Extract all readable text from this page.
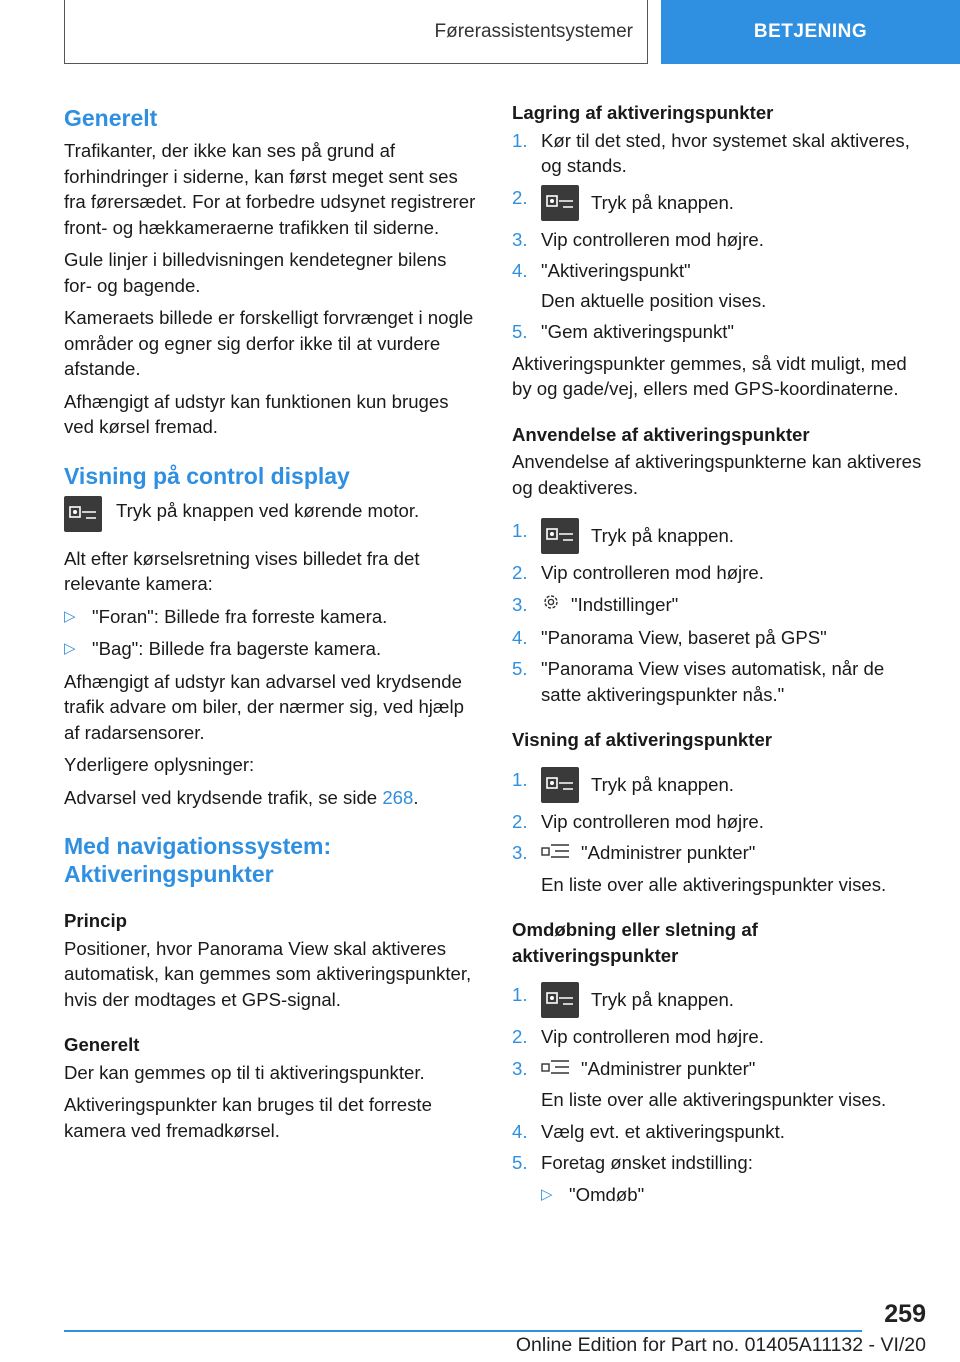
Førerassistentsystemer	BETJENING
Generelt

Trafikanter, der ikke kan ses på grund af forhindringer i siderne, kan først meget sent ses fra førersædet. For at forbedre udsynet registrerer front- og hækkameraerne trafikken til siderne.

Gule linjer i billedvisningen kendetegner bilens for- og bagende.

Kameraets billede er forskelligt forvrænget i nogle områder og egner sig derfor ikke til at vurdere afstande.

Afhængigt af udstyr kan funktionen kun bruges ved kørsel fremad.

Visning på control display
Tryk på knappen ved kørende motor.

Alt efter kørselsretning vises billedet fra det relevante kamera:

▷ "Foran": Billede fra forreste kamera.
▷ "Bag": Billede fra bagerste kamera.

Afhængigt af udstyr kan advarsel ved krydsende trafik advare om biler, der nærmer sig, ved hjælp af radarsensorer.

Yderligere oplysninger:

Advarsel ved krydsende trafik, se side 268.

Med navigationssystem: Aktiveringspunkter
Princip

Positioner, hvor Panorama View skal aktiveres automatisk, kan gemmes som aktiveringspunkter, hvis der modtages et GPS-signal.

Generelt

Der kan gemmes op til ti aktiveringspunkter.

Aktiveringspunkter kan bruges til det forreste kamera ved fremadkørsel.

Lagring af aktiveringspunkter
1. Kør til det sted, hvor systemet skal aktiveres, og stands.
2.	Tryk på knappen.
3. Vip controlleren mod højre.
4. "Aktiveringspunkt"
Den aktuelle position vises.
5. "Gem aktiveringspunkt"

Aktiveringspunkter gemmes, så vidt muligt, med by og gade/vej, ellers med GPS-koordinaterne.

Anvendelse af aktiveringspunkter

Anvendelse af aktiveringspunkterne kan aktiveres og deaktiveres.

1.	Tryk på knappen.
2. Vip controlleren mod højre.
3.	"Indstillinger"
4. "Panorama View, baseret på GPS"
5. "Panorama View vises automatisk, når de satte aktiveringspunkter nås."
Visning af aktiveringspunkter
1.	Tryk på knappen.
2. Vip controlleren mod højre.
3.	"Administrer punkter"
En liste over alle aktiveringspunkter vises.
Omdøbning eller sletning af aktiveringspunkter
1.	Tryk på knappen.
2. Vip controlleren mod højre.
3.	"Administrer punkter"
En liste over alle aktiveringspunkter vises.
4. Vælg evt. et aktiveringspunkt.
5. Foretag ønsket indstilling:
▷ "Omdøb"
259
Online Edition for Part no. 01405A11132 - VI/20
